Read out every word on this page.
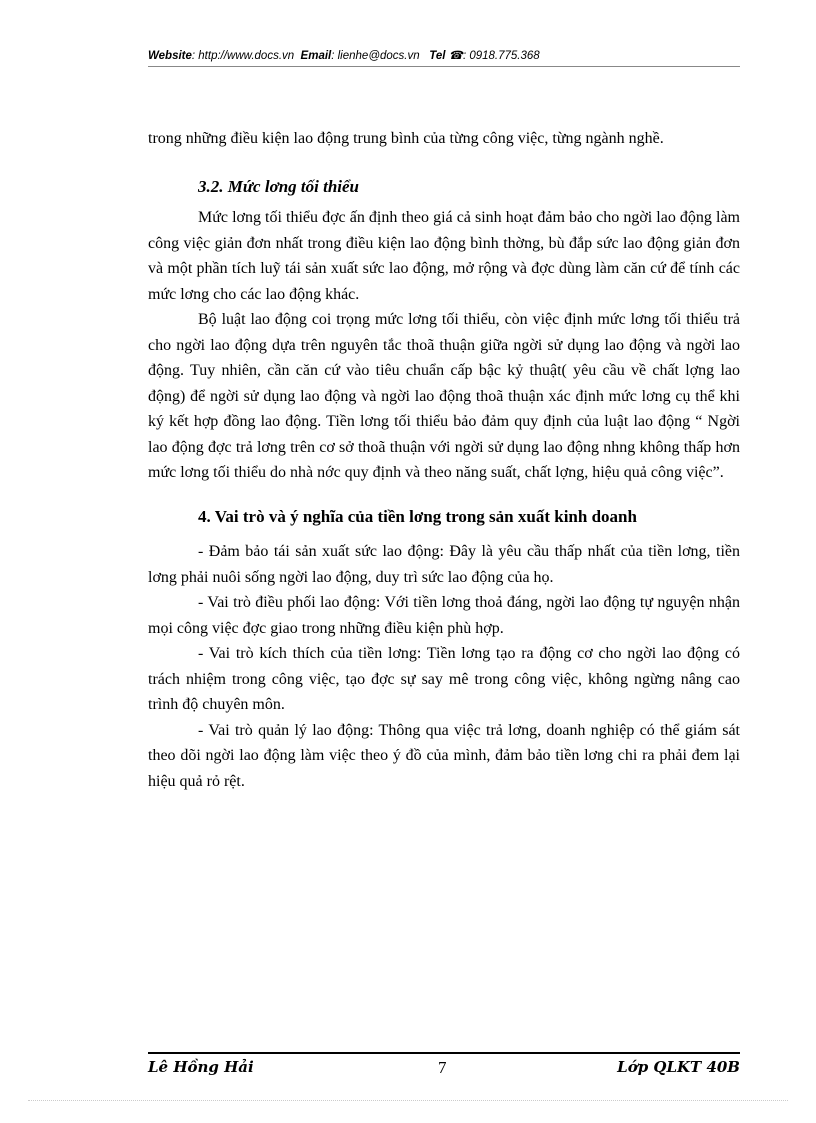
Website: http://www.docs.vn Email: lienhe@docs.vn Tel ☎: 0918.775.368

trong những điều kiện lao động trung bình của từng công việc, từng ngành nghề.

3.2. Mức lơng tối thiểu

Mức lơng tối thiểu đợc ấn định theo giá cả sinh hoạt đảm bảo cho ngời lao động làm công việc giản đơn nhất trong điều kiện lao động bình thờng, bù đắp sức lao động giản đơn và một phần tích luỹ tái sản xuất sức lao động, mở rộng và đợc dùng làm căn cứ để tính các mức lơng cho các lao động khác.

Bộ luật lao động coi trọng mức lơng tối thiểu, còn việc định mức lơng tối thiểu trả cho ngời lao động dựa trên nguyên tắc thoã thuận giữa ngời sử dụng lao động và ngời lao động. Tuy nhiên, cần căn cứ vào tiêu chuẩn cấp bậc kỷ thuật( yêu cầu về chất lợng lao động) để ngời sử dụng lao động và ngời lao động thoã thuận xác định mức lơng cụ thể khi ký kết hợp đồng lao động. Tiền lơng tối thiểu bảo đảm quy định của luật lao động “ Ngời lao động đợc trả lơng trên cơ sở thoã thuận với ngời sử dụng lao động nhng không thấp hơn mức lơng tối thiểu do nhà nớc quy định và theo năng suất, chất lợng, hiệu quả công việc”.

4. Vai trò và ý nghĩa của tiền lơng trong sản xuất kinh doanh

- Đảm bảo tái sản xuất sức lao động: Đây là yêu cầu thấp nhất của tiền lơng, tiền lơng phải nuôi sống ngời lao động, duy trì sức lao động của họ.

- Vai trò điều phối lao động: Với tiền lơng thoả đáng, ngời lao động tự nguyện nhận mọi công việc đợc giao trong những điều kiện phù hợp.

- Vai trò kích thích của tiền lơng: Tiền lơng tạo ra động cơ cho ngời lao động có trách nhiệm trong công việc, tạo đợc sự say mê trong công việc, không ngừng nâng cao trình độ chuyên môn.

- Vai trò quản lý lao động: Thông qua việc trả lơng, doanh nghiệp có thể giám sát theo dõi ngời lao động làm việc theo ý đồ của mình, đảm bảo tiền lơng chi ra phải đem lại hiệu quả rỏ rệt.

Lê Hồng Hải	7	Lớp QLKT 40B
